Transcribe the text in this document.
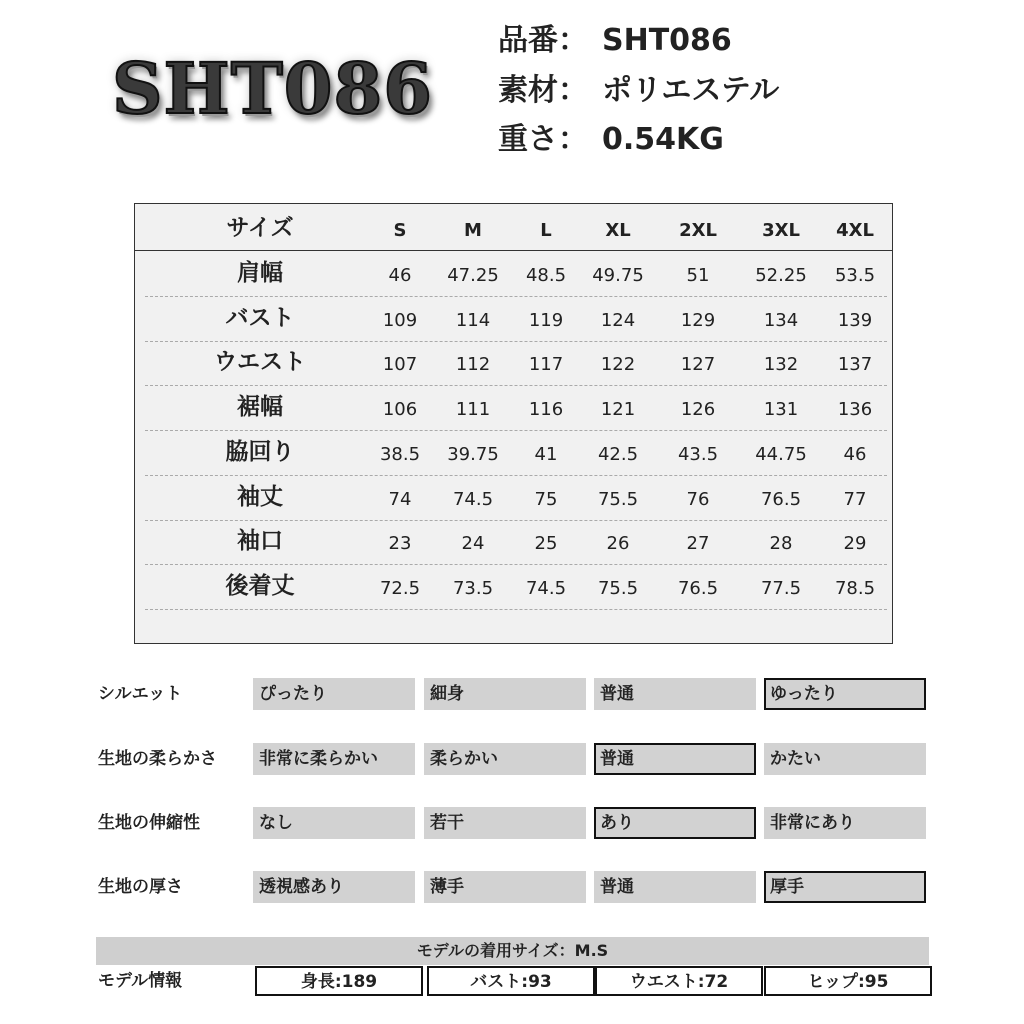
SHT086
品番： SHT086
素材： ポリエステル
重さ： 0.54KG
サイズ	S	M	L	XL	2XL	3XL	4XL
肩幅	46	47.25	48.5	49.75	51	52.25	53.5
バスト	109	114	119	124	129	134	139
ウエスト	107	112	117	122	127	132	137
裾幅	106	111	116	121	126	131	136
脇回り	38.5	39.75	41	42.5	43.5	44.75	46
袖丈	74	74.5	75	75.5	76	76.5	77
袖口	23	24	25	26	27	28	29
後着丈	72.5	73.5	74.5	75.5	76.5	77.5	78.5
シルエット	ぴったり	細身	普通	ゆったり
生地の柔らかさ	非常に柔らかい	柔らかい	普通	かたい
生地の伸縮性	なし	若干	あり	非常にあり
生地の厚さ	透視感あり	薄手	普通	厚手
モデルの着用サイズ：M.S
モデル情報	身長:189	バスト:93	ウエスト:72	ヒップ:95
